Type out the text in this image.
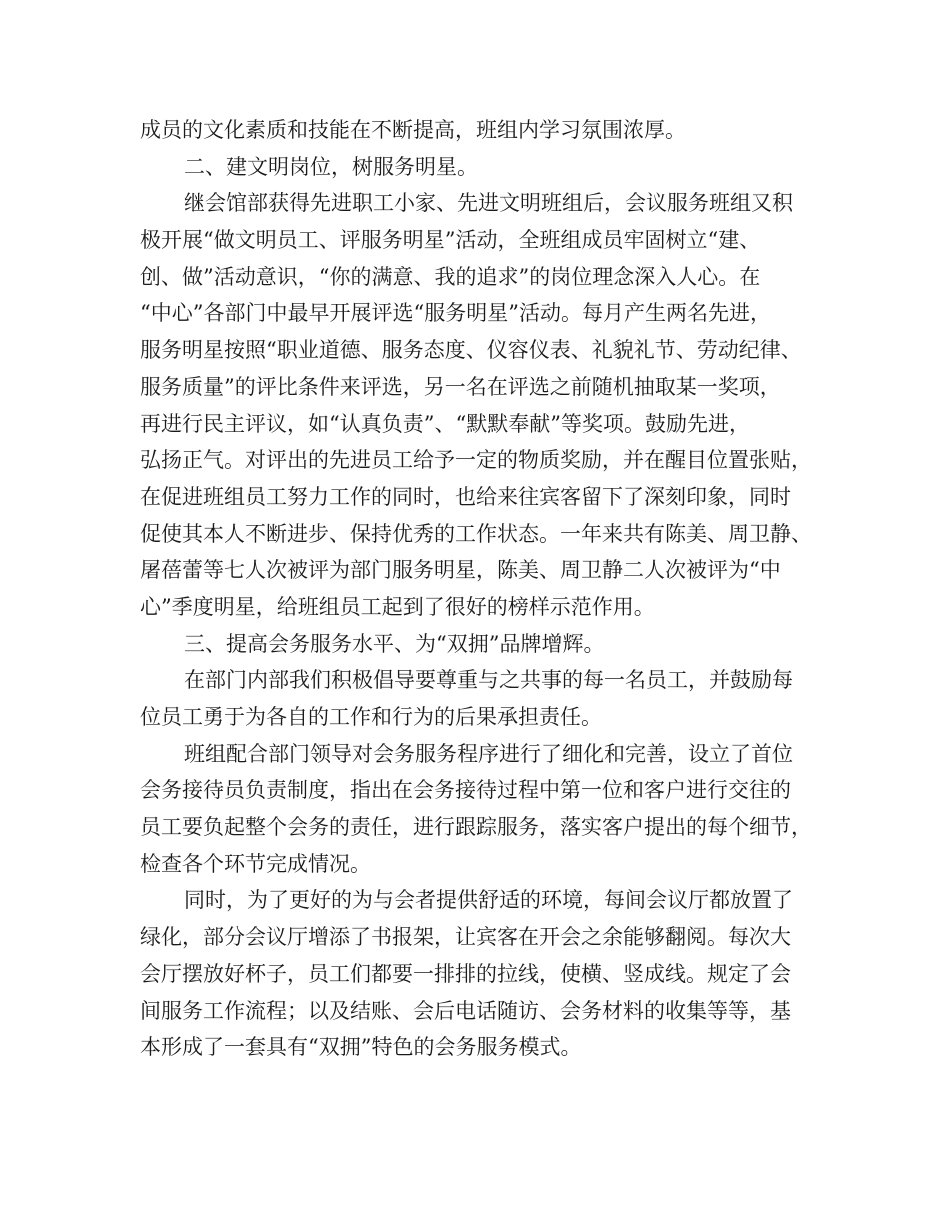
成员的文化素质和技能在不断提高，班组内学习氛围浓厚。
二、建文明岗位，树服务明星。
继会馆部获得先进职工小家、先进文明班组后，会议服务班组又积
极开展“做文明员工、评服务明星”活动，全班组成员牢固树立“建、
创、做”活动意识，“你的满意、我的追求”的岗位理念深入人心。在
“中心”各部门中最早开展评选“服务明星”活动。每月产生两名先进，
服务明星按照“职业道德、服务态度、仪容仪表、礼貌礼节、劳动纪律、
服务质量”的评比条件来评选，另一名在评选之前随机抽取某一奖项，
再进行民主评议，如“认真负责”、“默默奉献”等奖项。鼓励先进，
弘扬正气。对评出的先进员工给予一定的物质奖励，并在醒目位置张贴，
在促进班组员工努力工作的同时，也给来往宾客留下了深刻印象，同时
促使其本人不断进步、保持优秀的工作状态。一年来共有陈美、周卫静、
屠蓓蕾等七人次被评为部门服务明星，陈美、周卫静二人次被评为“中
心”季度明星，给班组员工起到了很好的榜样示范作用。
三、提高会务服务水平、为“双拥”品牌增辉。
在部门内部我们积极倡导要尊重与之共事的每一名员工，并鼓励每
位员工勇于为各自的工作和行为的后果承担责任。
班组配合部门领导对会务服务程序进行了细化和完善，设立了首位
会务接待员负责制度，指出在会务接待过程中第一位和客户进行交往的
员工要负起整个会务的责任，进行跟踪服务，落实客户提出的每个细节，
检查各个环节完成情况。
同时，为了更好的为与会者提供舒适的环境，每间会议厅都放置了
绿化，部分会议厅增添了书报架，让宾客在开会之余能够翻阅。每次大
会厅摆放好杯子，员工们都要一排排的拉线，使横、竖成线。规定了会
间服务工作流程；以及结账、会后电话随访、会务材料的收集等等，基
本形成了一套具有“双拥”特色的会务服务模式。
